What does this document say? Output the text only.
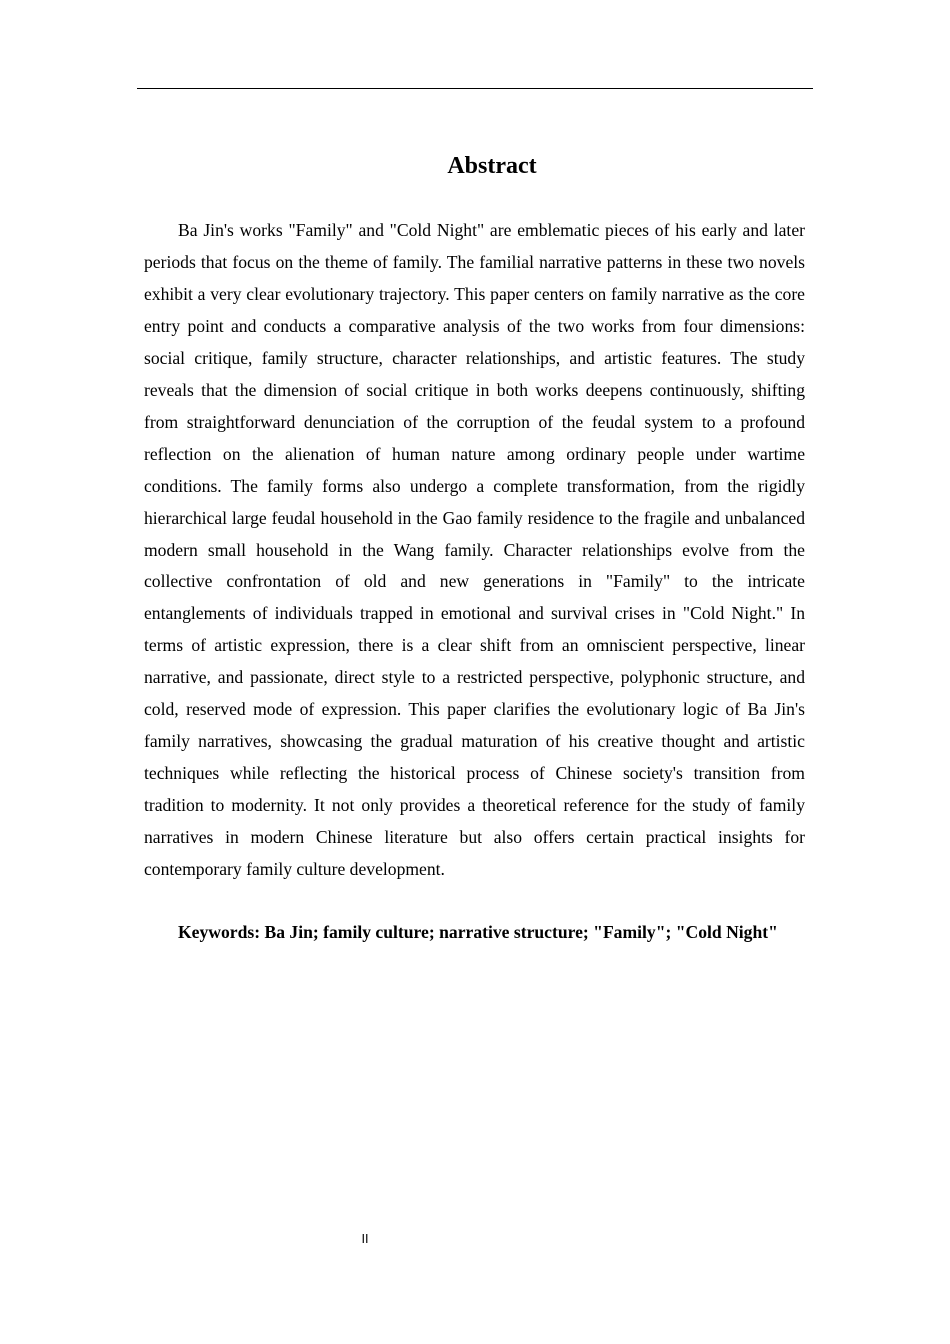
Abstract

Ba Jin's works "Family" and "Cold Night" are emblematic pieces of his early and later periods that focus on the theme of family. The familial narrative patterns in these two novels exhibit a very clear evolutionary trajectory. This paper centers on family narrative as the core entry point and conducts a comparative analysis of the two works from four dimensions: social critique, family structure, character relationships, and artistic features. The study reveals that the dimension of social critique in both works deepens continuously, shifting from straightforward denunciation of the corruption of the feudal system to a profound reflection on the alienation of human nature among ordinary people under wartime conditions. The family forms also undergo a complete transformation, from the rigidly hierarchical large feudal household in the Gao family residence to the fragile and unbalanced modern small household in the Wang family. Character relationships evolve from the collective confrontation of old and new generations in "Family" to the intricate entanglements of individuals trapped in emotional and survival crises in "Cold Night." In terms of artistic expression, there is a clear shift from an omniscient perspective, linear narrative, and passionate, direct style to a restricted perspective, polyphonic structure, and cold, reserved mode of expression. This paper clarifies the evolutionary logic of Ba Jin's family narratives, showcasing the gradual maturation of his creative thought and artistic techniques while reflecting the historical process of Chinese society's transition from tradition to modernity. It not only provides a theoretical reference for the study of family narratives in modern Chinese literature but also offers certain practical insights for contemporary family culture development.

Keywords: Ba Jin; family culture; narrative structure; "Family"; "Cold Night"

II
